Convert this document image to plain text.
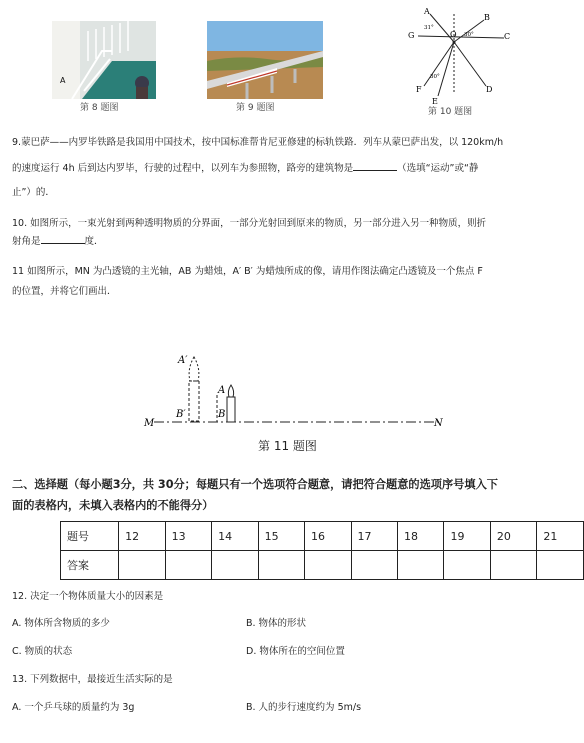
A
第 8 题图	第 9 题图
A
B
C
D
E
F
G	O
31°
30°
30°
第 10 题图
9.蒙巴萨——内罗毕铁路是我国用中国技术，按中国标准帮肯尼亚修建的标轨铁路．列车从蒙巴萨出发，以 120km/h
的速度运行 4h 后到达内罗毕，行驶的过程中，以列车为参照物，路旁的建筑物是	（选填“运动”或“静
止”）的．
10. 如图所示，一束光射到两种透明物质的分界面，一部分光射回到原来的物质，另一部分进入另一种物质，则折
射角是	度．
11 如图所示，MN 为凸透镜的主光轴，AB 为蜡烛，A′ B′ 为蜡烛所成的像，请用作图法确定凸透镜及一个焦点 F
的位置，并将它们画出．
A′
B′
A
B
M	N
第 11 题图
二、选择题（每小题3分，共 30分；每题只有一个选项符合题意，请把符合题意的选项序号填入下
面的表格内，未填入表格内的不能得分）
题号	12	13	14	15	16	17	18	19	20	21
答案										
12. 决定一个物体质量大小的因素是
A. 物体所含物质的多少	B. 物体的形状
C. 物质的状态	D. 物体所在的空间位置
13. 下列数据中，最接近生活实际的是
A. 一个乒乓球的质量约为 3g	B. 人的步行速度约为 5m/s
